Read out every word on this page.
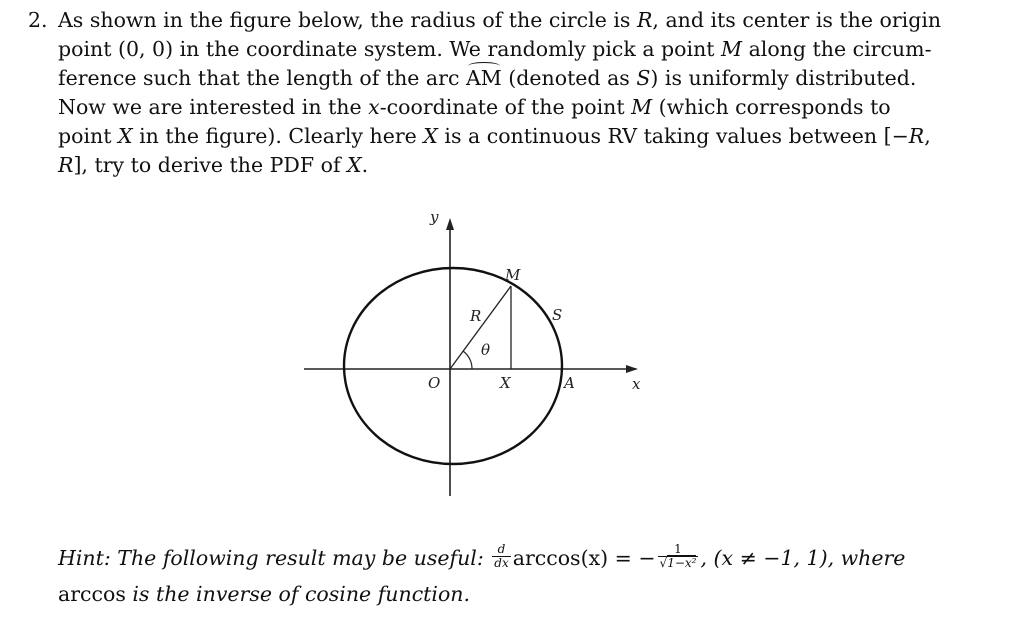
2. As shown in the figure below, the radius of the circle is R, and its center is the origin point (0, 0) in the coordinate system. We randomly pick a point M along the circum-ference such that the length of the arc AM (denoted as S) is uniformly distributed. Now we are interested in the x-coordinate of the point M (which corresponds to point X in the figure). Clearly here X is a continuous RV taking values between [−R, R], try to derive the PDF of X.

y
x
M
R	S
θ
O	X	A
Hint: The following result may be useful: $\frac{d}{dx} \arccos(x)$ = − $\frac{1}{\text{√1−x²}}$ , (x ≠ −1, 1), where
arccos is the inverse of cosine function.
